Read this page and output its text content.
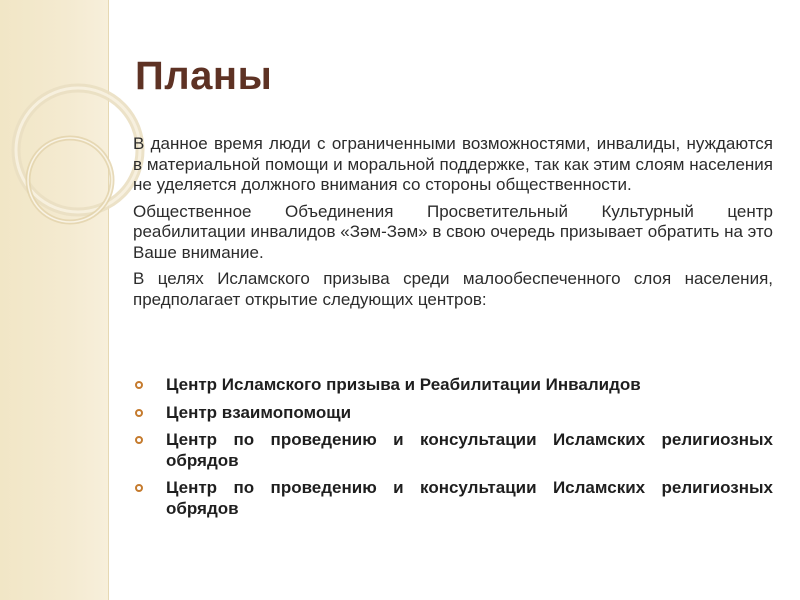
Планы

В данное время люди с ограниченными возможностями, инвалиды, нуждаются в материальной помощи и моральной поддержке, так как этим слоям населения не уделяется должного внимания со стороны общественности.

Общественное Объединения Просветительный Культурный центр реабилитации инвалидов «Зәм-Зәм» в свою очередь призывает обратить на это Ваше внимание.

В целях Исламского призыва среди малообеспеченного слоя населения, предполагает открытие следующих центров:

Центр Исламского призыва и Реабилитации Инвалидов
Центр взаимопомощи
Центр по проведению и консультации Исламских религиозных обрядов
Центр по проведению и консультации Исламских религиозных обрядов
